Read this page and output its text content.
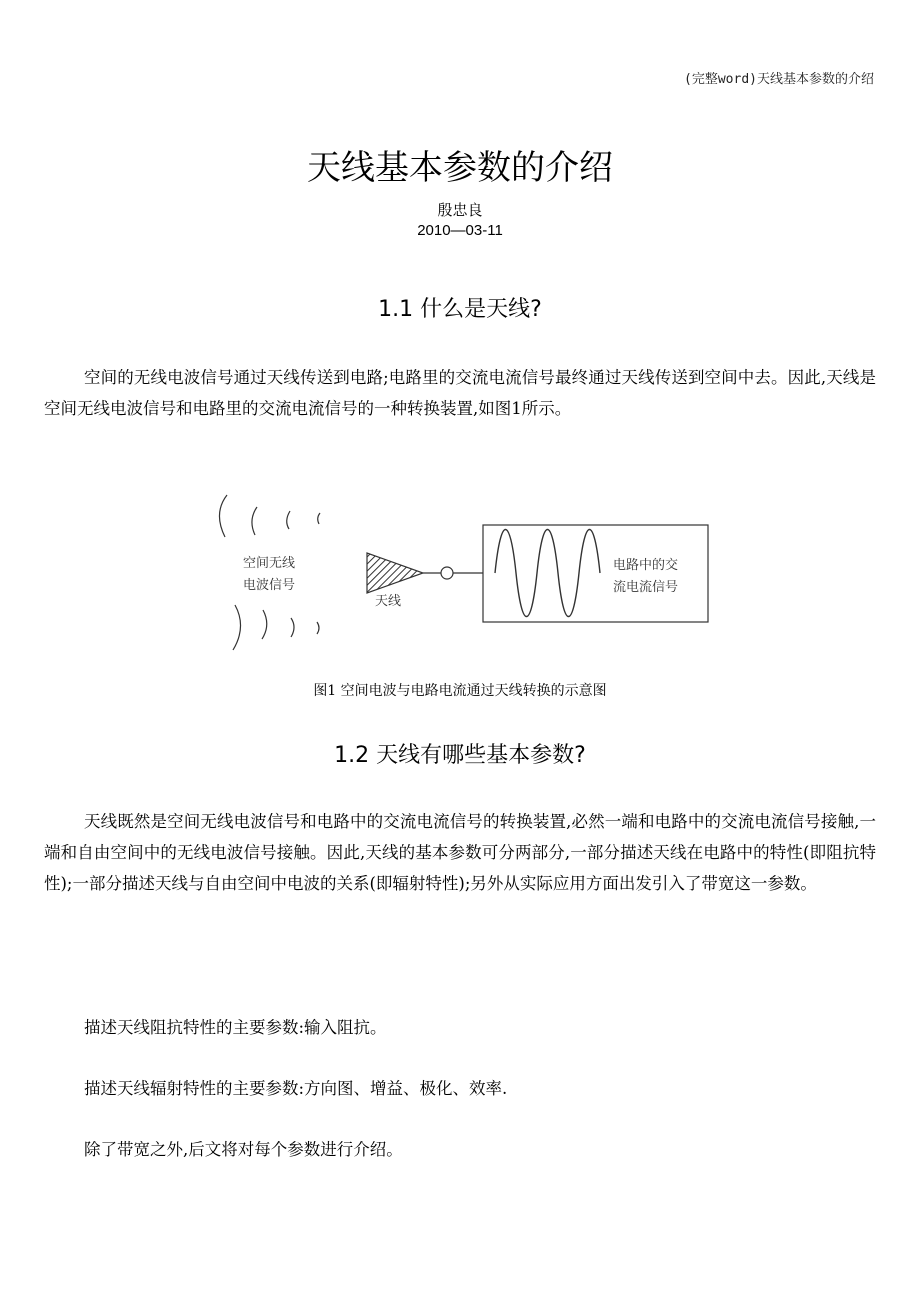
(完整word)天线基本参数的介绍
天线基本参数的介绍
殷忠良
2010—03-11
1.1 什么是天线?

空间的无线电波信号通过天线传送到电路;电路里的交流电流信号最终通过天线传送到空间中去。因此,天线是空间无线电波信号和电路里的交流电流信号的一种转换装置,如图1所示。

空间无线
电波信号
天线
电路中的交
流电流信号
图1 空间电波与电路电流通过天线转换的示意图
1.2 天线有哪些基本参数?

天线既然是空间无线电波信号和电路中的交流电流信号的转换装置,必然一端和电路中的交流电流信号接触,一端和自由空间中的无线电波信号接触。因此,天线的基本参数可分两部分,一部分描述天线在电路中的特性(即阻抗特性);一部分描述天线与自由空间中电波的关系(即辐射特性);另外从实际应用方面出发引入了带宽这一参数。

描述天线阻抗特性的主要参数:输入阻抗。

描述天线辐射特性的主要参数:方向图、增益、极化、效率.

除了带宽之外,后文将对每个参数进行介绍。
